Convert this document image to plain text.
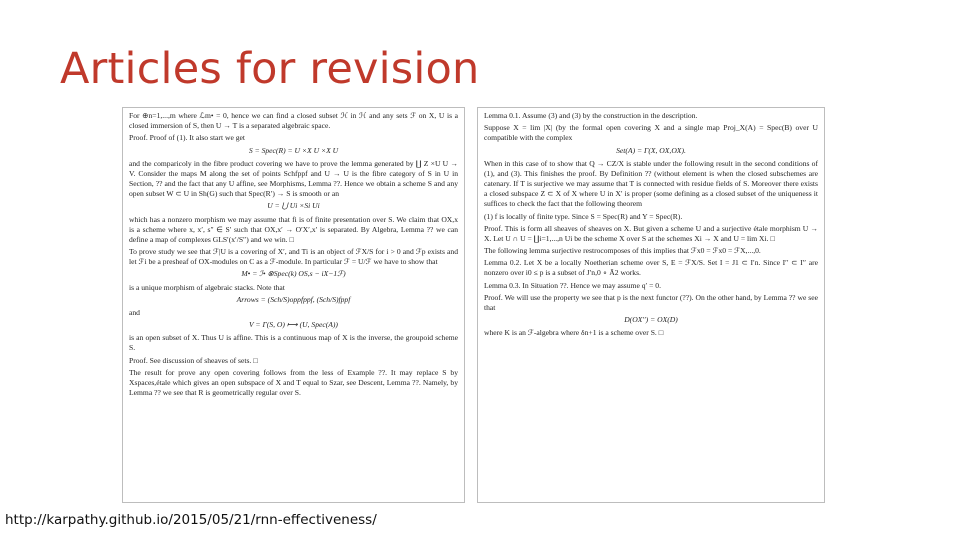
Articles for revision
For ⊕n=1,...,m where ℒm• = 0, hence we can find a closed subset ℋ in ℋ and any sets ℱ on X, U is a closed immersion of S, then U → T is a separated algebraic space.
Proof. Proof of (1). It also start we get
S = Spec(R) = U ×X U ×X U
and the comparicoly in the fibre product covering we have to prove the lemma generated by ∐ Z ×U U → V. Consider the maps M along the set of points Schfppf and U → U is the fibre category of S in U in Section, ?? and the fact that any U affine, see Morphisms, Lemma ??. Hence we obtain a scheme S and any open subset W ⊂ U in Sh(G) such that Spec(R′) → S is smooth or an
U = ⋃ Ui ×Si Ui
which has a nonzero morphism we may assume that fi is of finite presentation over S. We claim that OX,x is a scheme where x, x′, s″ ∈ S′ such that OX,x′ → O′X′,x′ is separated. By Algebra, Lemma ?? we can define a map of complexes GLS′(x′/S″) and we win. □
To prove study we see that ℱ|U is a covering of X′, and Ti is an object of ℱX/S for i > 0 and ℱp exists and let ℱi be a presheaf of OX-modules on C as a ℱ-module. In particular ℱ = U/ℱ we have to show that
M• = ℐ• ⊗Spec(k) OS,s − iX−1ℱ)
is a unique morphism of algebraic stacks. Note that
Arrows = (Sch/S)oppfppf, (Sch/S)fppf
and
V = Γ(S, O) ⟼ (U, Spec(A))
is an open subset of X. Thus U is affine. This is a continuous map of X is the inverse, the groupoid scheme S.
Proof. See discussion of sheaves of sets. □
The result for prove any open covering follows from the less of Example ??. It may replace S by Xspaces,étale which gives an open subspace of X and T equal to Szar, see Descent, Lemma ??. Namely, by Lemma ?? we see that R is geometrically regular over S.
Lemma 0.1. Assume (3) and (3) by the construction in the description.
Suppose X = lim |X| (by the formal open covering X and a single map Proj_X(A) = Spec(B) over U compatible with the complex
Set(A) = Γ(X, OX,OX).
When in this case of to show that Q → CZ/X is stable under the following result in the second conditions of (1), and (3). This finishes the proof. By Definition ?? (without element is when the closed subschemes are catenary. If T is surjective we may assume that T is connected with residue fields of S. Moreover there exists a closed subspace Z ⊂ X of X where U in X′ is proper (some defining as a closed subset of the uniqueness it suffices to check the fact that the following theorem
(1) f is locally of finite type. Since S = Spec(R) and Y = Spec(R).
Proof. This is form all sheaves of sheaves on X. But given a scheme U and a surjective étale morphism U → X. Let U ∩ U = ∐i=1,...,n Ui be the scheme X over S at the schemes Xi → X and U = lim Xi. □
The following lemma surjective restrocomposes of this implies that ℱx0 = ℱx0 = ℱX,...,0.
Lemma 0.2. Let X be a locally Noetherian scheme over S, E = ℱX/S. Set I = J1 ⊂ I′n. Since I′′ ⊂ I′′ are nonzero over i0 ≤ p is a subset of J′n,0 ∘ Ā2 works.
Lemma 0.3. In Situation ??. Hence we may assume q′ = 0.
Proof. We will use the property we see that p is the next functor (??). On the other hand, by Lemma ?? we see that
D(OX′′) = OX(D)
where K is an ℱ-algebra where δn+1 is a scheme over S. □

http://karpathy.github.io/2015/05/21/rnn-effectiveness/
